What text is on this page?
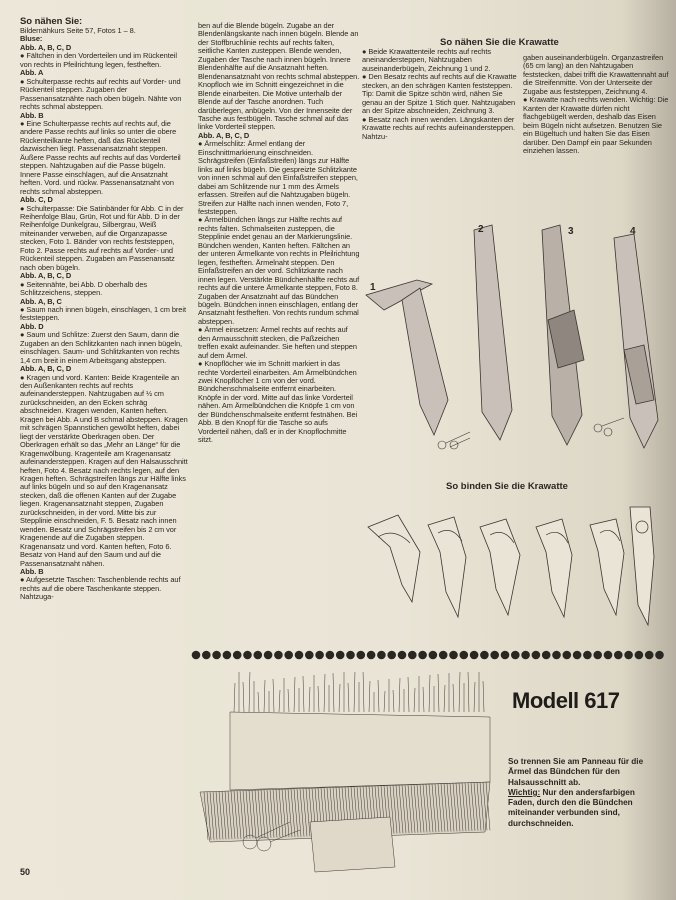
So nähen Sie:

Bildernähkurs Seite 57, Fotos 1 – 8.

Bluse:

Abb. A, B, C, D

● Fältchen in den Vorderteilen und im Rückenteil von rechts in Pfeilrichtung legen, festheften.

Abb. A

● Schulterpasse rechts auf rechts auf Vorder- und Rückenteil steppen. Zugaben der Passenansatznähte nach oben bügeln. Nähte von rechts schmal absteppen.

Abb. B

● Eine Schulterpasse rechts auf rechts auf, die andere Passe rechts auf links so unter die obere Rückenteilkante heften, daß das Rückenteil dazwischen liegt. Passenansatznaht steppen. Äußere Passe rechts auf rechts auf das Vorderteil steppen. Nahtzugaben auf die Passe bügeln. Innere Passe einschlagen, auf die Ansatznaht heften. Vord. und rückw. Passenansatznaht von rechts schmal absteppen.

Abb. C, D

● Schulterpasse: Die Satinbänder für Abb. C in der Reihenfolge Blau, Grün, Rot und für Abb. D in der Reihenfolge Dunkelgrau, Silbergrau, Weiß miteinander verweben, auf die Organzapasse stecken, Foto 1. Bänder von rechts feststeppen, Foto 2. Passe rechts auf rechts auf Vorder- und Rückenteil steppen. Zugaben am Passenansatz nach oben bügeln.

Abb. A, B, C, D

● Seitennähte, bei Abb. D oberhalb des Schlitzzeichens, steppen.

Abb. A, B, C

● Saum nach innen bügeln, einschlagen, 1 cm breit feststeppen.

Abb. D

● Saum und Schlitze: Zuerst den Saum, dann die Zugaben an den Schlitzkanten nach innen bügeln, einschlagen. Saum- und Schlitzkanten von rechts 1,4 cm breit in einem Arbeitsgang absteppen.

Abb. A, B, C, D

● Kragen und vord. Kanten: Beide Kragenteile an den Außenkanten rechts auf rechts aufeinandersteppen. Nahtzugaben auf ½ cm zurückschneiden, an den Ecken schräg abschneiden. Kragen wenden, Kanten heften. Kragen bei Abb. A und B schmal absteppen. Kragen mit schrägen Spannstichen gewölbt heften, dabei liegt der verstärkte Oberkragen oben. Der Oberkragen erhält so das „Mehr an Länge“ für die Kragenwölbung. Kragenteile am Kragenansatz aufeinandersteppen. Kragen auf den Halsausschnitt heften, Foto 4. Besatz nach rechts legen, auf den Kragen heften. Schrägstreifen längs zur Hälfte links auf links bügeln und so auf den Kragenansatz stecken, daß die offenen Kanten auf der Zugabe liegen. Kragenansatznaht steppen, Zugaben zurückschneiden, in der vord. Mitte bis zur Stepplinie einschneiden, F. 5. Besatz nach innen wenden. Besatz und Schrägstreifen bis 2 cm vor Kragenende auf die Zugaben steppen. Kragenansatz und vord. Kanten heften, Foto 6. Besatz von Hand auf den Saum und auf die Passenansatznaht nähen.

Abb. B

● Aufgesetzte Taschen: Taschenblende rechts auf rechts auf die obere Taschenkante steppen. Nahtzuga-

ben auf die Blende bügeln. Zugabe an der Blendenlängskante nach innen bügeln. Blende an der Stoffbruchlinie rechts auf rechts falten, seitliche Kanten zusteppen. Blende wenden, Zugaben der Tasche nach innen bügeln. Innere Blendenhälfte auf die Ansatznaht heften. Blendenansatznaht von rechts schmal absteppen. Knopfloch wie im Schnitt eingezeichnet in die Blende einarbeiten. Die Motive unterhalb der Blende auf der Tasche anordnen. Tuch darüberlegen, anbügeln. Von der Innenseite der Tasche aus festbügeln. Tasche schmal auf das linke Vorderteil steppen.

Abb. A, B, C, D

● Ärmelschlitz: Ärmel entlang der Einschnittmarkierung einschneiden. Schrägstreifen (Einfaßstreifen) längs zur Hälfte links auf links bügeln. Die gespreizte Schlitzkante von innen schmal auf den Einfaßstreifen steppen, dabei am Schlitzende nur 1 mm des Ärmels erfassen. Streifen auf die Nahtzugaben bügeln. Streifen zur Hälfte nach innen wenden, Foto 7, feststeppen.

● Ärmelbündchen längs zur Hälfte rechts auf rechts falten. Schmalseiten zusteppen, die Stepplinie endet genau an der Markierungslinie. Bündchen wenden, Kanten heften. Fältchen an der unteren Ärmelkante von rechts in Pfeilrichtung legen, festheften. Ärmelnaht steppen. Den Einfaßstreifen an der vord. Schlitzkante nach innen legen. Verstärkte Bündchenhälfte rechts auf rechts auf die untere Ärmelkante steppen, Foto 8. Zugaben der Ansatznaht auf das Bündchen bügeln. Bündchen innen einschlagen, entlang der Ansatznaht festheften. Von rechts rundum schmal absteppen.

● Ärmel einsetzen: Ärmel rechts auf rechts auf den Armausschnitt stecken, die Paßzeichen treffen exakt aufeinander. Sie heften und steppen auf dem Ärmel.

● Knopflöcher wie im Schnitt markiert in das rechte Vorderteil einarbeiten. Am Ärmelbündchen zwei Knopflöcher 1 cm von der vord. Bündchenschmalseite entfernt einarbeiten. Knöpfe in der vord. Mitte auf das linke Vorderteil nähen. Am Ärmelbündchen die Knöpfe 1 cm von der Bündchenschmalseite entfernt festnähen. Bei Abb. B den Knopf für die Tasche so aufs Vorderteil nähen, daß er in der Knopflochmitte sitzt.

So nähen Sie die Krawatte

● Beide Krawattenteile rechts auf rechts aneinandersteppen, Nahtzugaben auseinanderbügeln, Zeichnung 1 und 2.

● Den Besatz rechts auf rechts auf die Krawatte stecken, an den schrägen Kanten feststeppen. Tip: Damit die Spitze schön wird, nähen Sie genau an der Spitze 1 Stich quer. Nahtzugaben an der Spitze abschneiden, Zeichnung 3.

● Besatz nach innen wenden. Längskanten der Krawatte rechts auf rechts aufeinandersteppen. Nahtzu-

gaben auseinanderbügeln. Organzastreifen (65 cm lang) an den Nahtzugaben feststecken, dabei trifft die Krawattennaht auf die Streifenmitte. Von der Unterseite der Zugabe aus feststeppen, Zeichnung 4.

● Krawatte nach rechts wenden. Wichtig: Die Kanten der Krawatte dürfen nicht flachgebügelt werden, deshalb das Eisen beim Bügeln nicht aufsetzen. Benutzen Sie ein Bügeltuch und halten Sie das Eisen darüber. Den Dampf ein paar Sekunden einziehen lassen.

1
2	3	4
So binden Sie die Krawatte
Modell 617
So trennen Sie am Panneau für die Ärmel das Bündchen für den Halsausschnitt ab.
Wichtig: Nur den andersfarbigen Faden, durch den die Bündchen miteinander verbunden sind, durchschneiden.
50
